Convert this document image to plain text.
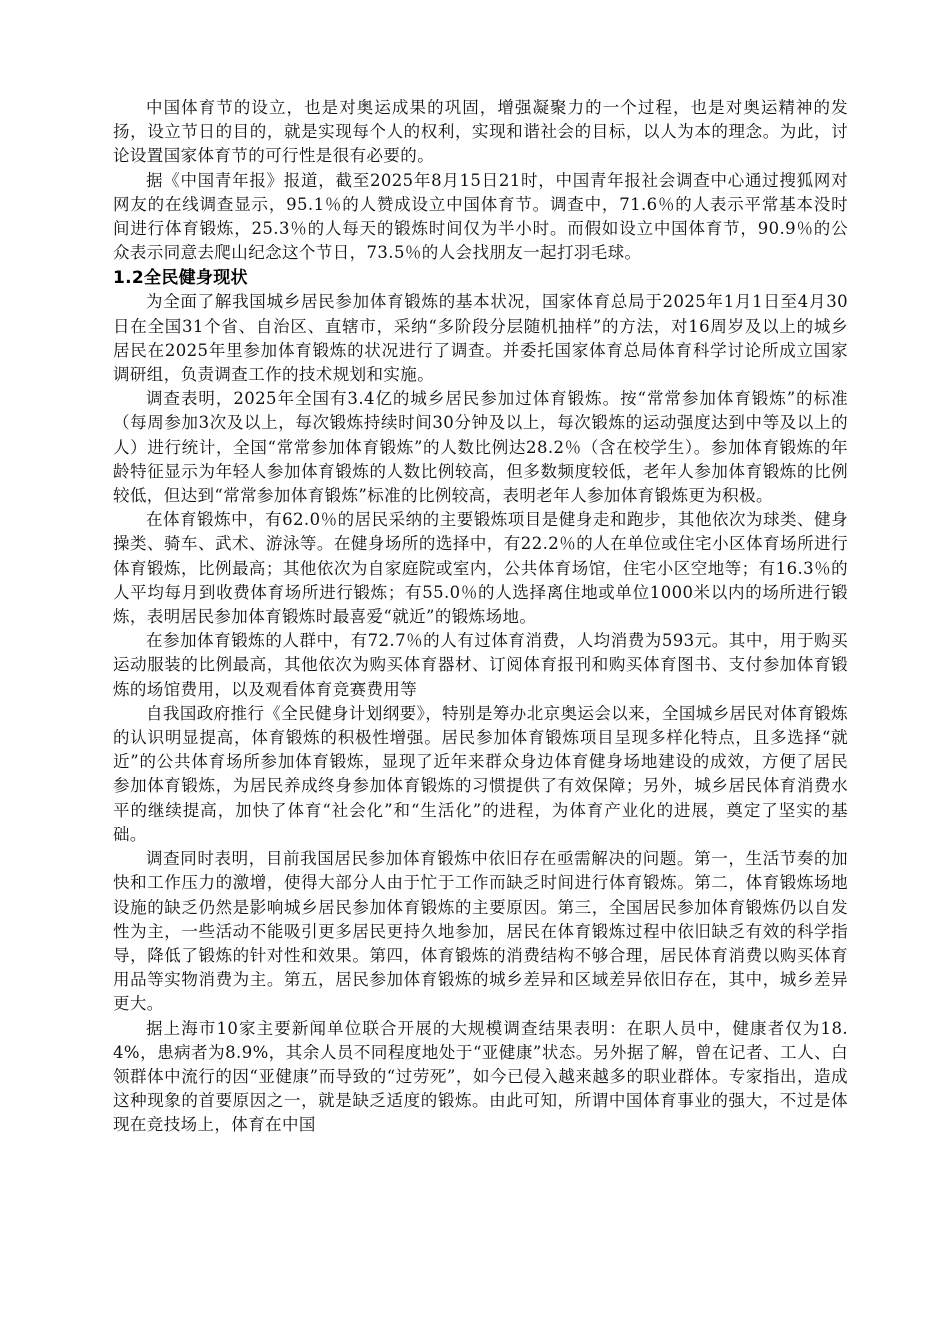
中国体育节的设立，也是对奥运成果的巩固，增强凝聚力的一个过程，也是对奥运精神的发扬，设立节日的目的，就是实现每个人的权利，实现和谐社会的目标，以人为本的理念。为此，讨论设置国家体育节的可行性是很有必要的。

据《中国青年报》报道，截至2025年8月15日21时，中国青年报社会调查中心通过搜狐网对网友的在线调查显示，95.1％的人赞成设立中国体育节。调查中，71.6％的人表示平常基本没时间进行体育锻炼，25.3％的人每天的锻炼时间仅为半小时。而假如设立中国体育节，90.9％的公众表示同意去爬山纪念这个节日，73.5％的人会找朋友一起打羽毛球。

1.2全民健身现状

为全面了解我国城乡居民参加体育锻炼的基本状况，国家体育总局于2025年1月1日至4月30日在全国31个省、自治区、直辖市，采纳“多阶段分层随机抽样”的方法，对16周岁及以上的城乡居民在2025年里参加体育锻炼的状况进行了调查。并委托国家体育总局体育科学讨论所成立国家调研组，负责调查工作的技术规划和实施。

调查表明，2025年全国有3.4亿的城乡居民参加过体育锻炼。按“常常参加体育锻炼”的标准（每周参加3次及以上，每次锻炼持续时间30分钟及以上，每次锻炼的运动强度达到中等及以上的人）进行统计，全国“常常参加体育锻炼”的人数比例达28.2％（含在校学生）。参加体育锻炼的年龄特征显示为年轻人参加体育锻炼的人数比例较高，但多数频度较低，老年人参加体育锻炼的比例较低，但达到“常常参加体育锻炼”标准的比例较高，表明老年人参加体育锻炼更为积极。

在体育锻炼中，有62.0％的居民采纳的主要锻炼项目是健身走和跑步，其他依次为球类、健身操类、骑车、武术、游泳等。在健身场所的选择中，有22.2％的人在单位或住宅小区体育场所进行体育锻炼，比例最高；其他依次为自家庭院或室内，公共体育场馆，住宅小区空地等；有16.3％的人平均每月到收费体育场所进行锻炼；有55.0％的人选择离住地或单位1000米以内的场所进行锻炼，表明居民参加体育锻炼时最喜爱“就近”的锻炼场地。

在参加体育锻炼的人群中，有72.7％的人有过体育消费，人均消费为593元。其中，用于购买运动服装的比例最高，其他依次为购买体育器材、订阅体育报刊和购买体育图书、支付参加体育锻炼的场馆费用，以及观看体育竞赛费用等

自我国政府推行《全民健身计划纲要》，特别是筹办北京奥运会以来，全国城乡居民对体育锻炼的认识明显提高，体育锻炼的积极性增强。居民参加体育锻炼项目呈现多样化特点，且多选择“就近”的公共体育场所参加体育锻炼，显现了近年来群众身边体育健身场地建设的成效，方便了居民参加体育锻炼，为居民养成终身参加体育锻炼的习惯提供了有效保障；另外，城乡居民体育消费水平的继续提高，加快了体育“社会化”和“生活化”的进程，为体育产业化的进展，奠定了坚实的基础。

调查同时表明，目前我国居民参加体育锻炼中依旧存在亟需解决的问题。第一，生活节奏的加快和工作压力的激增，使得大部分人由于忙于工作而缺乏时间进行体育锻炼。第二，体育锻炼场地设施的缺乏仍然是影响城乡居民参加体育锻炼的主要原因。第三，全国居民参加体育锻炼仍以自发性为主，一些活动不能吸引更多居民更持久地参加，居民在体育锻炼过程中依旧缺乏有效的科学指导，降低了锻炼的针对性和效果。第四，体育锻炼的消费结构不够合理，居民体育消费以购买体育用品等实物消费为主。第五，居民参加体育锻炼的城乡差异和区域差异依旧存在，其中，城乡差异更大。

据上海市10家主要新闻单位联合开展的大规模调查结果表明：在职人员中，健康者仅为18.4%，患病者为8.9%，其余人员不同程度地处于“亚健康”状态。另外据了解，曾在记者、工人、白领群体中流行的因“亚健康”而导致的“过劳死”，如今已侵入越来越多的职业群体。专家指出，造成这种现象的首要原因之一，就是缺乏适度的锻炼。由此可知，所谓中国体育事业的强大，不过是体现在竞技场上，体育在中国
